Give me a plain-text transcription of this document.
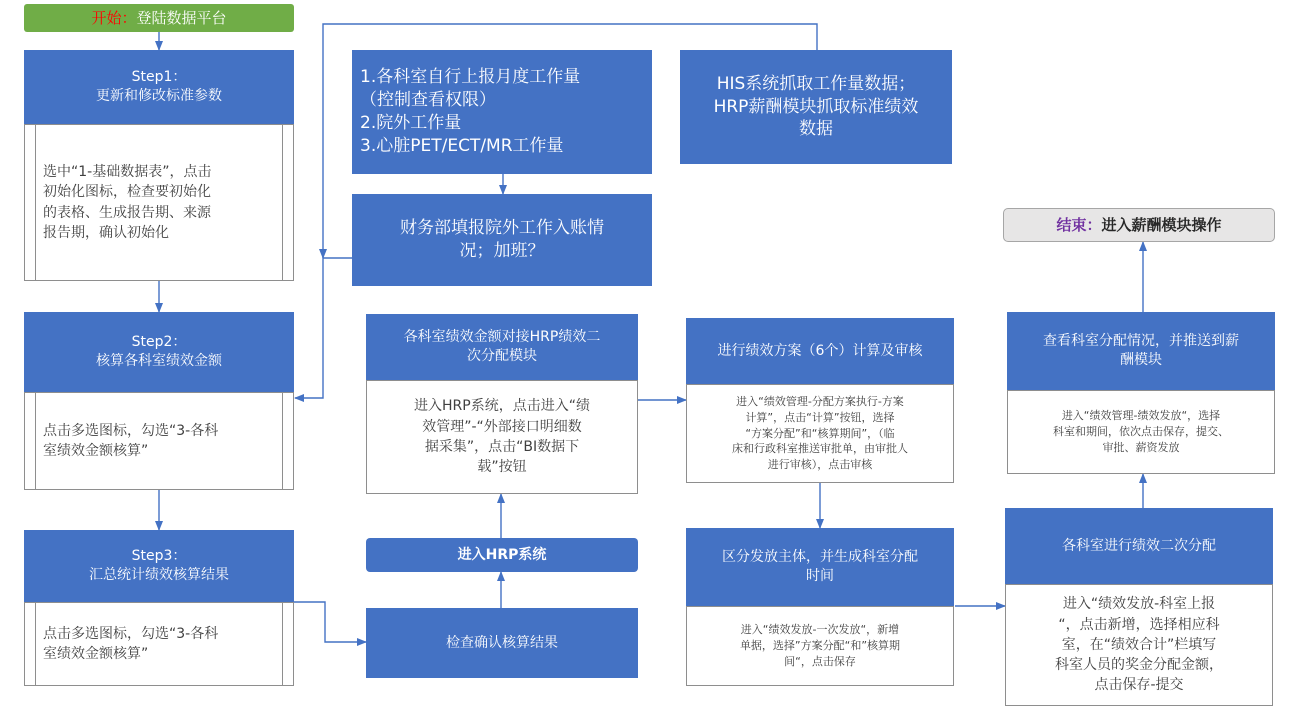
开始： 登陆数据平台
Step1：
更新和修改标准参数
选中“1-基础数据表”，点击
初始化图标，检查要初始化
的表格、生成报告期、来源
报告期，确认初始化
Step2：
核算各科室绩效金额
点击多选图标，勾选“3-各科
室绩效金额核算”
Step3：
汇总统计绩效核算结果
点击多选图标，勾选“3-各科
室绩效金额核算”
1.各科室自行上报月度工作量
（控制查看权限）
2.院外工作量
3.心脏PET/ECT/MR工作量
HIS系统抓取工作量数据；
HRP薪酬模块抓取标准绩效
数据
财务部填报院外工作入账情
况；加班？
各科室绩效金额对接HRP绩效二
次分配模块
进入HRP系统，点击进入“绩
效管理”-“外部接口明细数
据采集”，点击“BI数据下
载”按钮
进入HRP系统
检查确认核算结果
进行绩效方案（6个）计算及审核
进入“绩效管理-分配方案执行-方案
计算”，点击“计算”按钮，选择
“方案分配”和“核算期间”，（临
床和行政科室推送审批单，由审批人
进行审核），点击审核
区分发放主体，并生成科室分配
时间
进入“绩效发放-一次发放“，新增
单据，选择”方案分配“和”核算期
间“，点击保存
各科室进行绩效二次分配
进入“绩效发放-科室上报
“，点击新增，选择相应科
室，在“绩效合计”栏填写
科室人员的奖金分配金额，
点击保存-提交
查看科室分配情况，并推送到薪
酬模块
进入“绩效管理-绩效发放“，选择
科室和期间，依次点击保存，提交、
审批、薪资发放
结束： 进入薪酬模块操作
